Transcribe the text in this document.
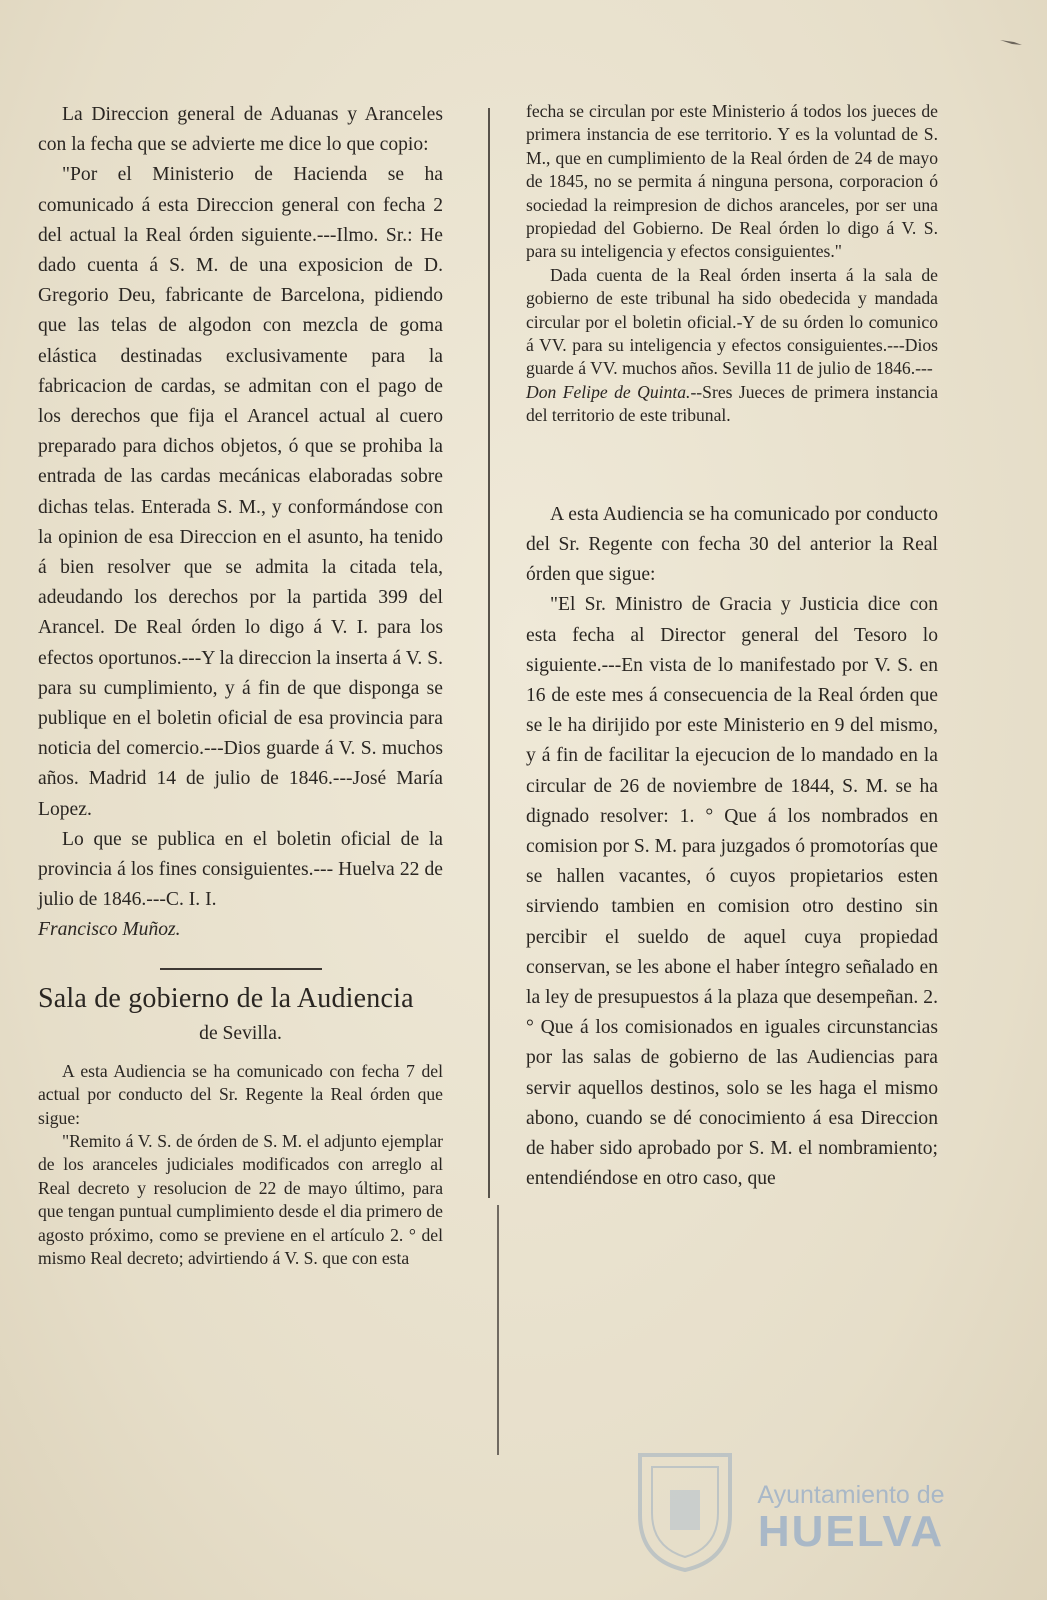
La Direccion general de Aduanas y Aranceles con la fecha que se advierte me dice lo que copio:

"Por el Ministerio de Hacienda se ha comunicado á esta Direccion general con fecha 2 del actual la Real órden siguiente.---Ilmo. Sr.: He dado cuenta á S. M. de una exposicion de D. Gregorio Deu, fabricante de Barcelona, pidiendo que las telas de algodon con mezcla de goma elástica destinadas exclusivamente para la fabricacion de cardas, se admitan con el pago de los derechos que fija el Arancel actual al cuero preparado para dichos objetos, ó que se prohiba la entrada de las cardas mecánicas elaboradas sobre dichas telas. Enterada S. M., y conformándose con la opinion de esa Direccion en el asunto, ha tenido á bien resolver que se admita la citada tela, adeudando los derechos por la partida 399 del Arancel. De Real órden lo digo á V. I. para los efectos oportunos.---Y la direccion la inserta á V. S. para su cumplimiento, y á fin de que disponga se publique en el boletin oficial de esa provincia para noticia del comercio.---Dios guarde á V. S. muchos años. Madrid 14 de julio de 1846.---José María Lopez.

Lo que se publica en el boletin oficial de la provincia á los fines consiguientes.--- Huelva 22 de julio de 1846.---C. I. I.

Francisco Muñoz.

Sala de gobierno de la Audiencia
de Sevilla.

A esta Audiencia se ha comunicado con fecha 7 del actual por conducto del Sr. Regente la Real órden que sigue:

"Remito á V. S. de órden de S. M. el adjunto ejemplar de los aranceles judiciales modificados con arreglo al Real decreto y resolucion de 22 de mayo último, para que tengan puntual cumplimiento desde el dia primero de agosto próximo, como se previene en el artículo 2. ° del mismo Real decreto; advirtiendo á V. S. que con esta

fecha se circulan por este Ministerio á todos los jueces de primera instancia de ese territorio. Y es la voluntad de S. M., que en cumplimiento de la Real órden de 24 de mayo de 1845, no se permita á ninguna persona, corporacion ó sociedad la reimpresion de dichos aranceles, por ser una propiedad del Gobierno. De Real órden lo digo á V. S. para su inteligencia y efectos consiguientes."

Dada cuenta de la Real órden inserta á la sala de gobierno de este tribunal ha sido obedecida y mandada circular por el boletin oficial.-Y de su órden lo comunico á VV. para su inteligencia y efectos consiguientes.---Dios guarde á VV. muchos años. Sevilla 11 de julio de 1846.---

Don Felipe de Quinta.--Sres Jueces de primera instancia del territorio de este tribunal.

A esta Audiencia se ha comunicado por conducto del Sr. Regente con fecha 30 del anterior la Real órden que sigue:

"El Sr. Ministro de Gracia y Justicia dice con esta fecha al Director general del Tesoro lo siguiente.---En vista de lo manifestado por V. S. en 16 de este mes á consecuencia de la Real órden que se le ha dirijido por este Ministerio en 9 del mismo, y á fin de facilitar la ejecucion de lo mandado en la circular de 26 de noviembre de 1844, S. M. se ha dignado resolver: 1. ° Que á los nombrados en comision por S. M. para juzgados ó promotorías que se hallen vacantes, ó cuyos propietarios esten sirviendo tambien en comision otro destino sin percibir el sueldo de aquel cuya propiedad conservan, se les abone el haber íntegro señalado en la ley de presupuestos á la plaza que desempeñan. 2. ° Que á los comisionados en iguales circunstancias por las salas de gobierno de las Audiencias para servir aquellos destinos, solo se les haga el mismo abono, cuando se dé conocimiento á esa Direccion de haber sido aprobado por S. M. el nombramiento; entendiéndose en otro caso, que

Ayuntamiento de
HUELVA
